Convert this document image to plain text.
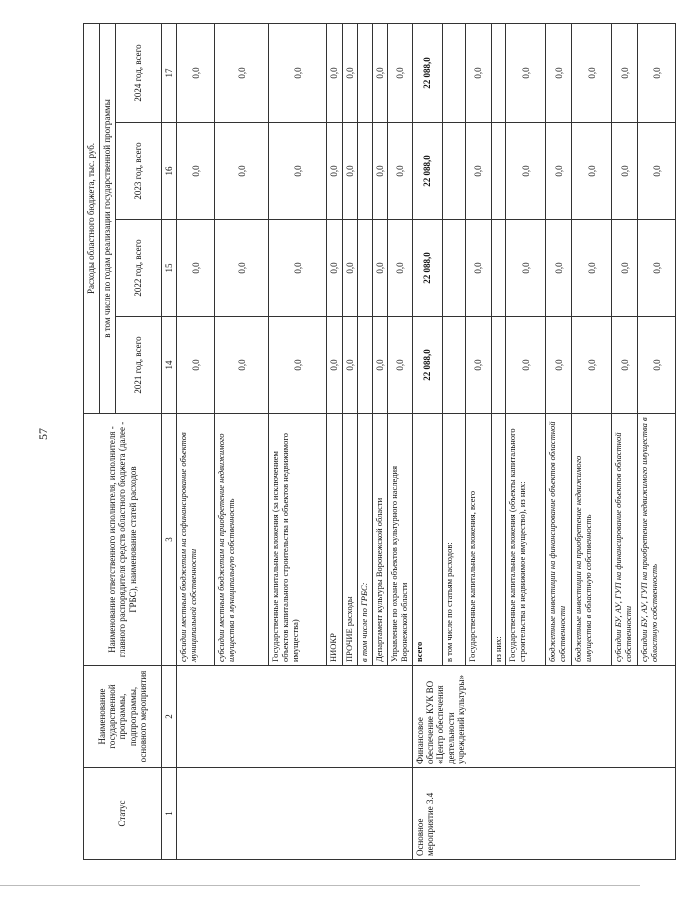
57
Статус	Наименование государственной программы, подпрограммы, основного мероприятия	Наименование ответственного исполнителя, исполнителя - главного распорядителя средств областного бюджета (далее - ГРБС), наименование статей расходов	Расходы областного бюджета, тыс. руб.			
			в том числе по годам реализации государственной программы			
			2021 год, всего	2022 год, всего	2023 год, всего	2024 год, всего
1	2	3	14	15	16	17
		субсидии местным бюджетам на софинансирование объектов муниципальной собственности	0,0	0,0	0,0	0,0
		субсидии местным бюджетам на приобретение недвижимого имущества в муниципальную собственность	0,0	0,0	0,0	0,0
		Государственные капитальные вложения (за исключением объектов капитального строительства и объектов недвижимого имущества)	0,0	0,0	0,0	0,0
		НИОКР	0,0	0,0	0,0	0,0
		ПРОЧИЕ расходы	0,0	0,0	0,0	0,0
		в том числе по ГРБС:				
		Департамент культуры Воронежской области	0,0	0,0	0,0	0,0
		Управление по охране объектов культурного наследия Воронежской области	0,0	0,0	0,0	0,0
Основное мероприятие 3.4	Финансовое обеспечение КУК ВО «Центр обеспечения деятельности учреждений культуры»	всего	22 088,0	22 088,0	22 088,0	22 088,0
		в том числе по статьям расходов:				
		Государственные капитальные вложения, всего	0,0	0,0	0,0	0,0
		из них:				
		Государственные капитальные вложения (объекты капитального строительства и недвижимое имущество), из них:	0,0	0,0	0,0	0,0
		бюджетные инвестиции на финансирование объектов областной собственности	0,0	0,0	0,0	0,0
		бюджетные инвестиции на приобретение недвижимого имущества в областную собственность	0,0	0,0	0,0	0,0
		субсидии БУ, АУ, ГУП на финансирование объектов областной собственности	0,0	0,0	0,0	0,0
		субсидии БУ, АУ, ГУП на приобретение недвижимого имущества в областную собственность	0,0	0,0	0,0	0,0
